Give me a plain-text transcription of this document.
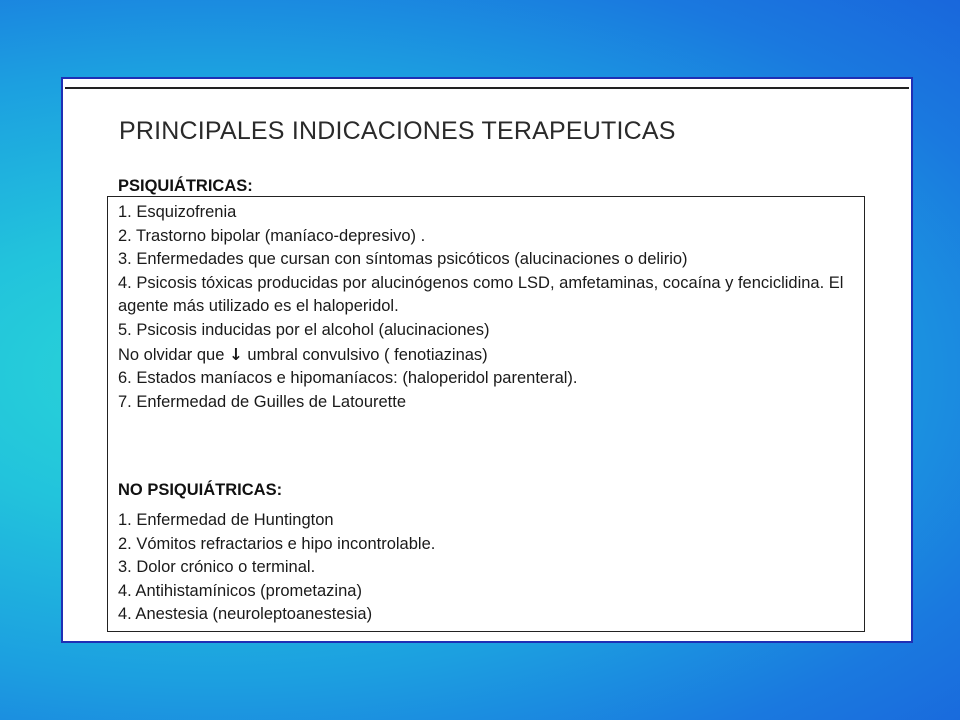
PRINCIPALES INDICACIONES TERAPEUTICAS
PSIQUIÁTRICAS:
1. Esquizofrenia
2. Trastorno bipolar (maníaco-depresivo) .
3. Enfermedades que cursan con síntomas psicóticos (alucinaciones o delirio)
4. Psicosis tóxicas producidas por alucinógenos como LSD, amfetaminas, cocaína y fenciclidina. El agente más utilizado es el haloperidol.
5. Psicosis inducidas por el alcohol (alucinaciones)
No olvidar que ↓ umbral convulsivo ( fenotiazinas)
6. Estados maníacos e hipomaníacos: (haloperidol parenteral).
7. Enfermedad de Guilles de Latourette
NO PSIQUIÁTRICAS:
1. Enfermedad de Huntington
2. Vómitos refractarios e hipo incontrolable.
3. Dolor crónico o terminal.
4. Antihistamínicos (prometazina)
4. Anestesia (neuroleptoanestesia)
